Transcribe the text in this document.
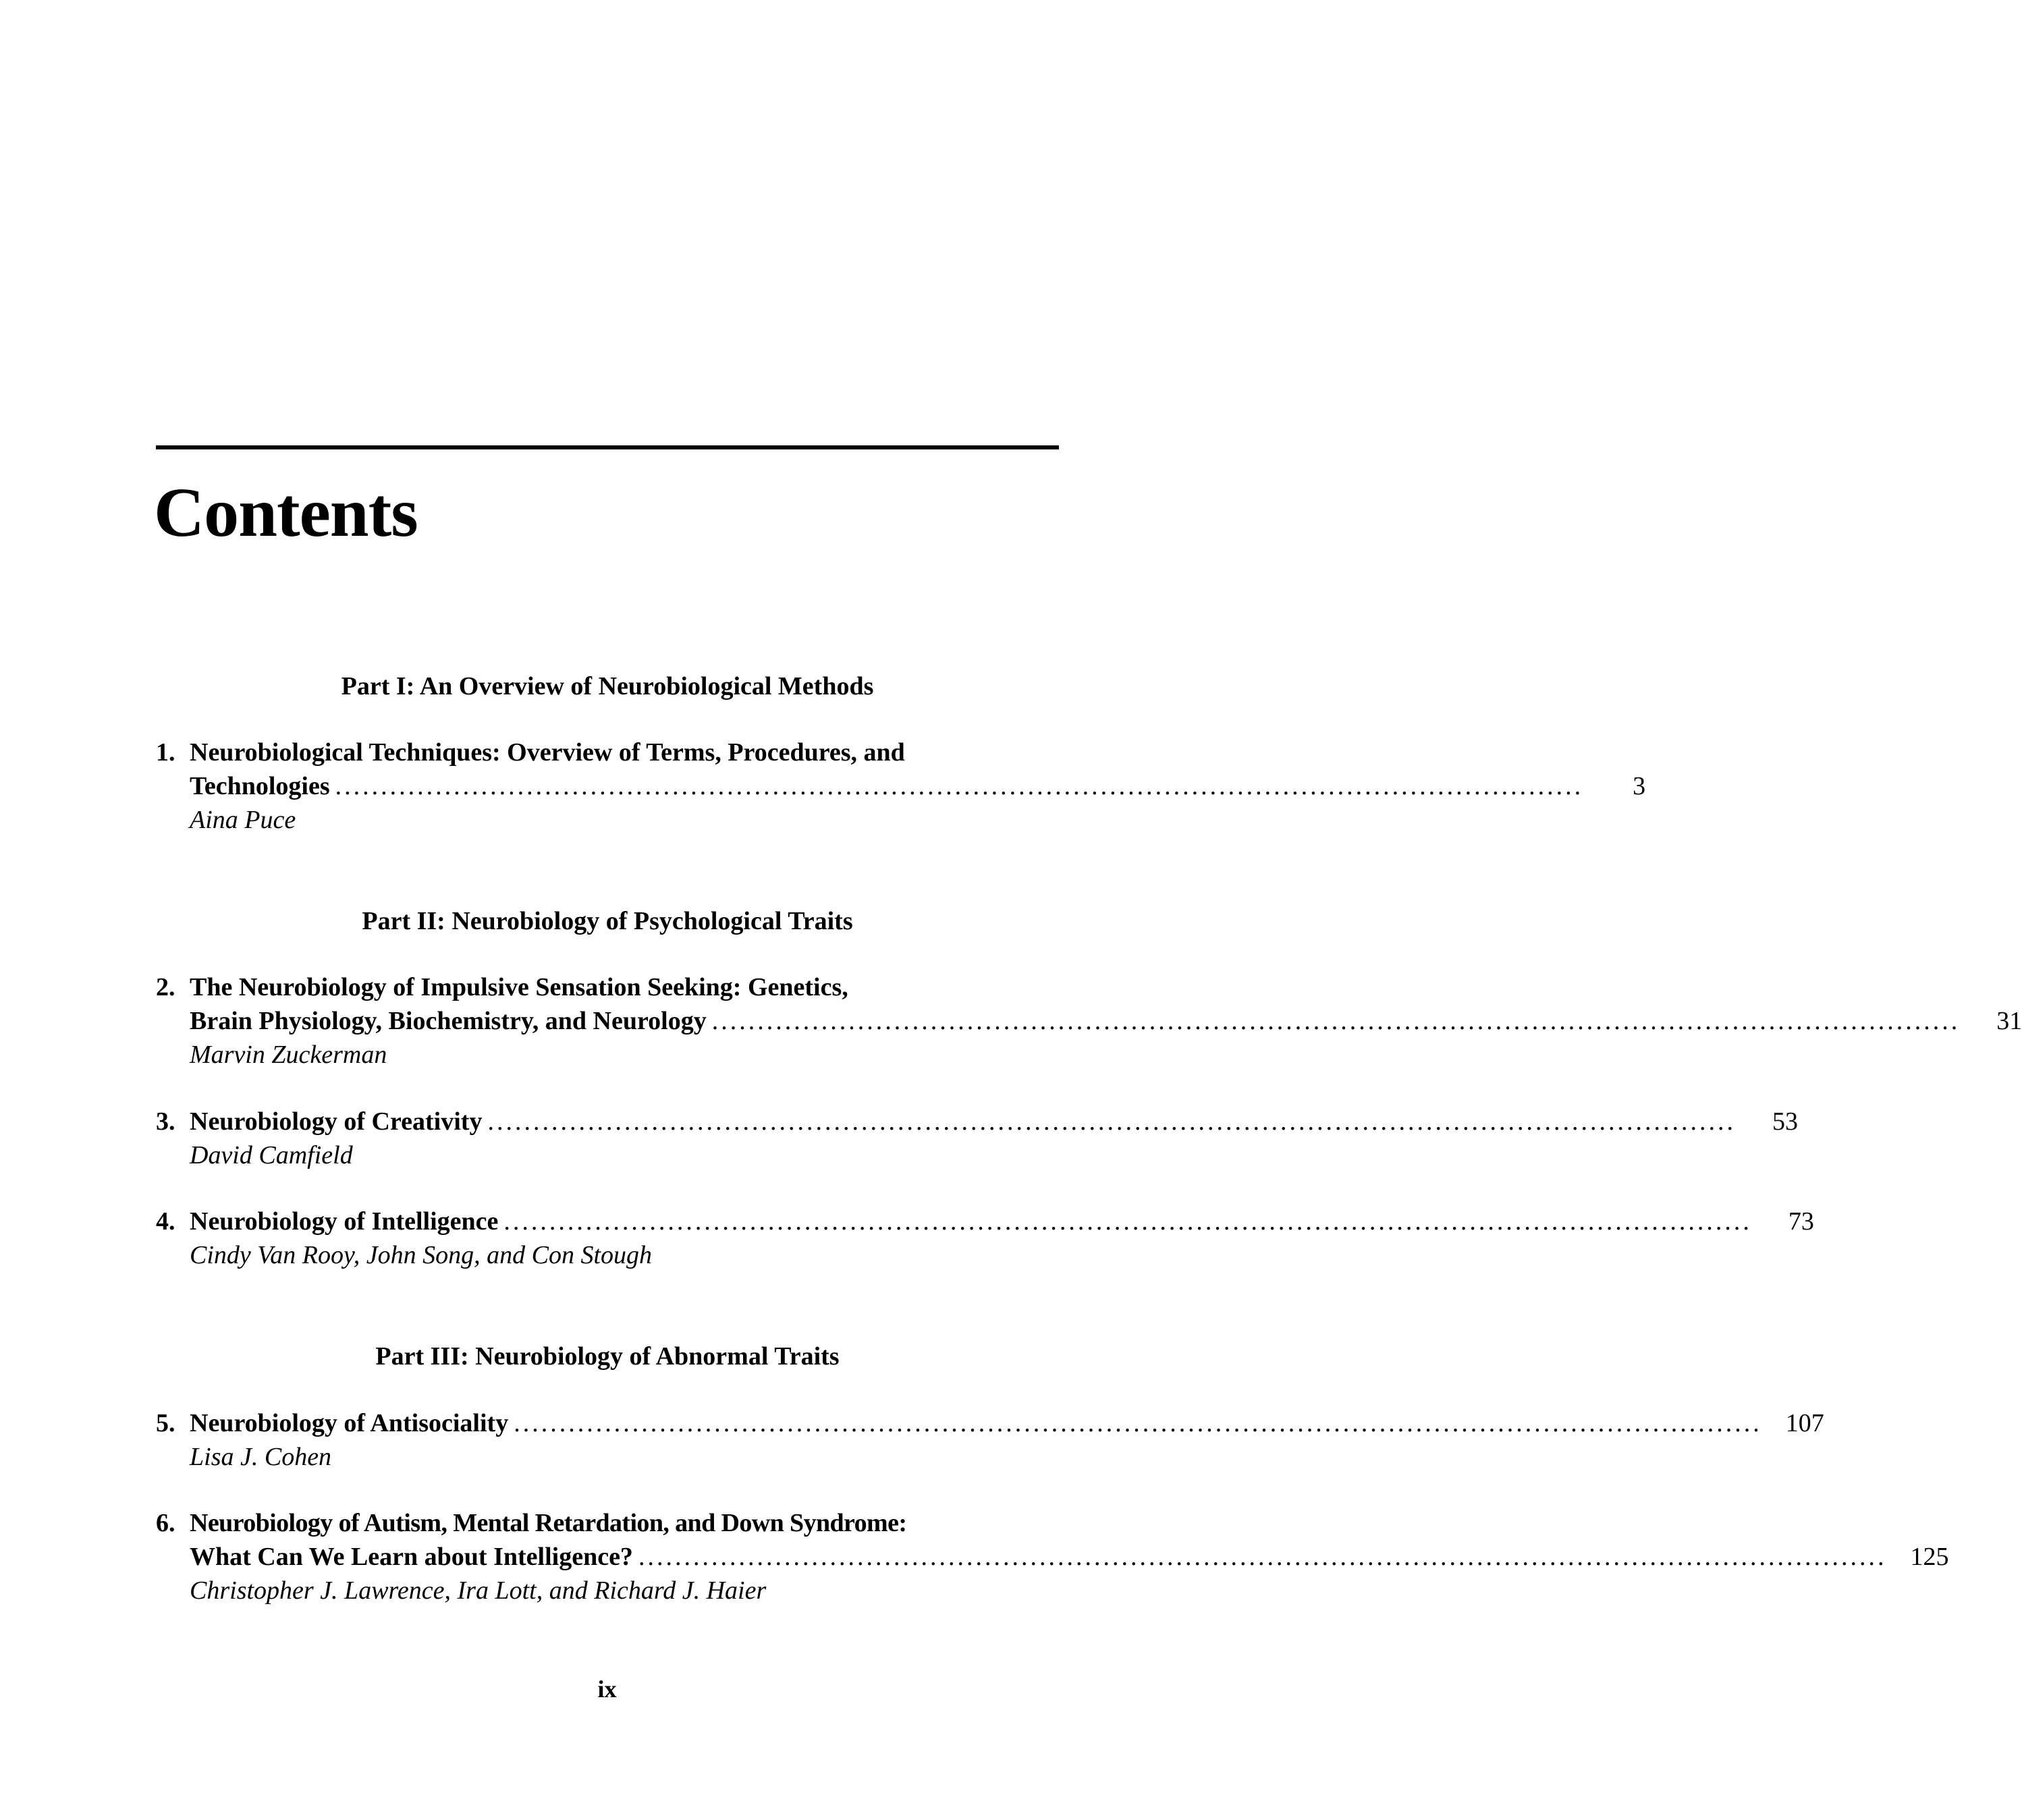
Contents
Part I: An Overview of Neurobiological Methods
1. Neurobiological Techniques: Overview of Terms, Procedures, and
Technologies .........................................................................................................................................	3
Aina Puce
Part II: Neurobiology of Psychological Traits
2. The Neurobiology of Impulsive Sensation Seeking: Genetics,
Brain Physiology, Biochemistry, and Neurology .........................................................................................................................................	31
Marvin Zuckerman
3. Neurobiology of Creativity .........................................................................................................................................	53
David Camfield
4. Neurobiology of Intelligence .........................................................................................................................................	73
Cindy Van Rooy, John Song, and Con Stough
Part III: Neurobiology of Abnormal Traits
5. Neurobiology of Antisociality ......................................................................................................................................... 107
Lisa J. Cohen
6. Neurobiology of Autism, Mental Retardation, and Down Syndrome:
What Can We Learn about Intelligence? ......................................................................................................................................... 125
Christopher J. Lawrence, Ira Lott, and Richard J. Haier
ix
